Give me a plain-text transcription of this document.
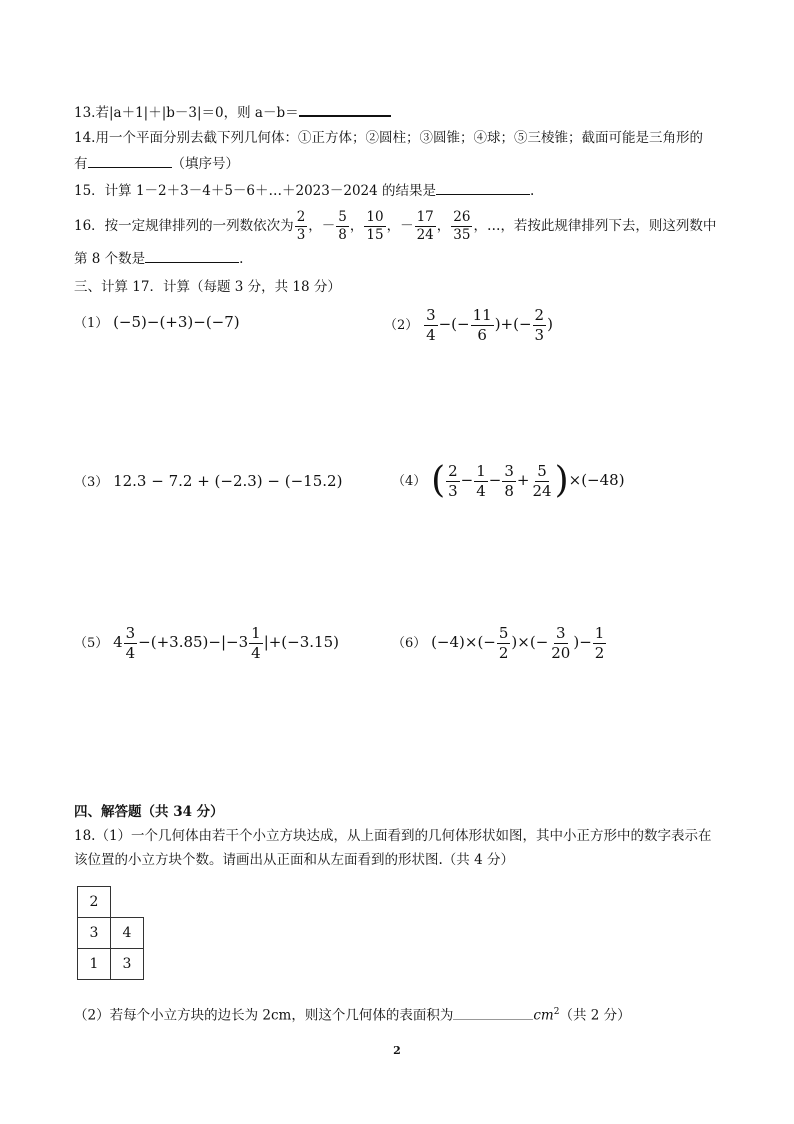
13.若|a＋1|＋|b－3|＝0，则 a－b＝
14.用一个平面分别去截下列几何体：①正方体；②圆柱；③圆锥；④球；⑤三棱锥；截面可能是三角形的
有	（填序号）
15．计算 1－2＋3－4＋5－6＋…＋2023－2024 的结果是	.
16．按一定规律排列的一列数依次为 $\frac{2}{3}$ ，－ $\frac{5}{8}$ ， $\frac{10}{15}$ ，－ $\frac{17}{24}$ ， $\frac{26}{35}$ ，…，若按此规律排列下去，则这列数中
第 8 个数是	.
三、计算 17．计算（每题 3 分，共 18 分）
（1） (−5)−(+3)−(−7)	$(2) \frac{3}{4}$ −(− $\frac{11}{6}$ )+(− $\frac{2}{3}$ )
（3） 12.3 − 7.2 + (−2.3) − (−15.2)	（4） ( $\frac{2}{3} - \frac{1}{4} - \frac{3}{8} + \frac{5}{24} )\times(-48)$
（5） $4 \frac{3}{4} -(+3.85)-|-3 \frac{1}{4} |+(-3.15)$	（6） $(-4)\times(- \frac{5}{2}$ )×(− $\frac{3}{20}$ )− $\frac{1}{2}$
四、解答题（共 34 分）
18.（1）一个几何体由若干个小立方块达成，从上面看到的几何体形状如图，其中小正方形中的数字表示在
该位置的小立方块个数。请画出从正面和从左面看到的形状图.（共 4 分）
2	
3	4
1	3
（2）若每个小立方块的边长为 2cm，则这个几何体的表面积为	$cm^2$（共 2 分）
2
